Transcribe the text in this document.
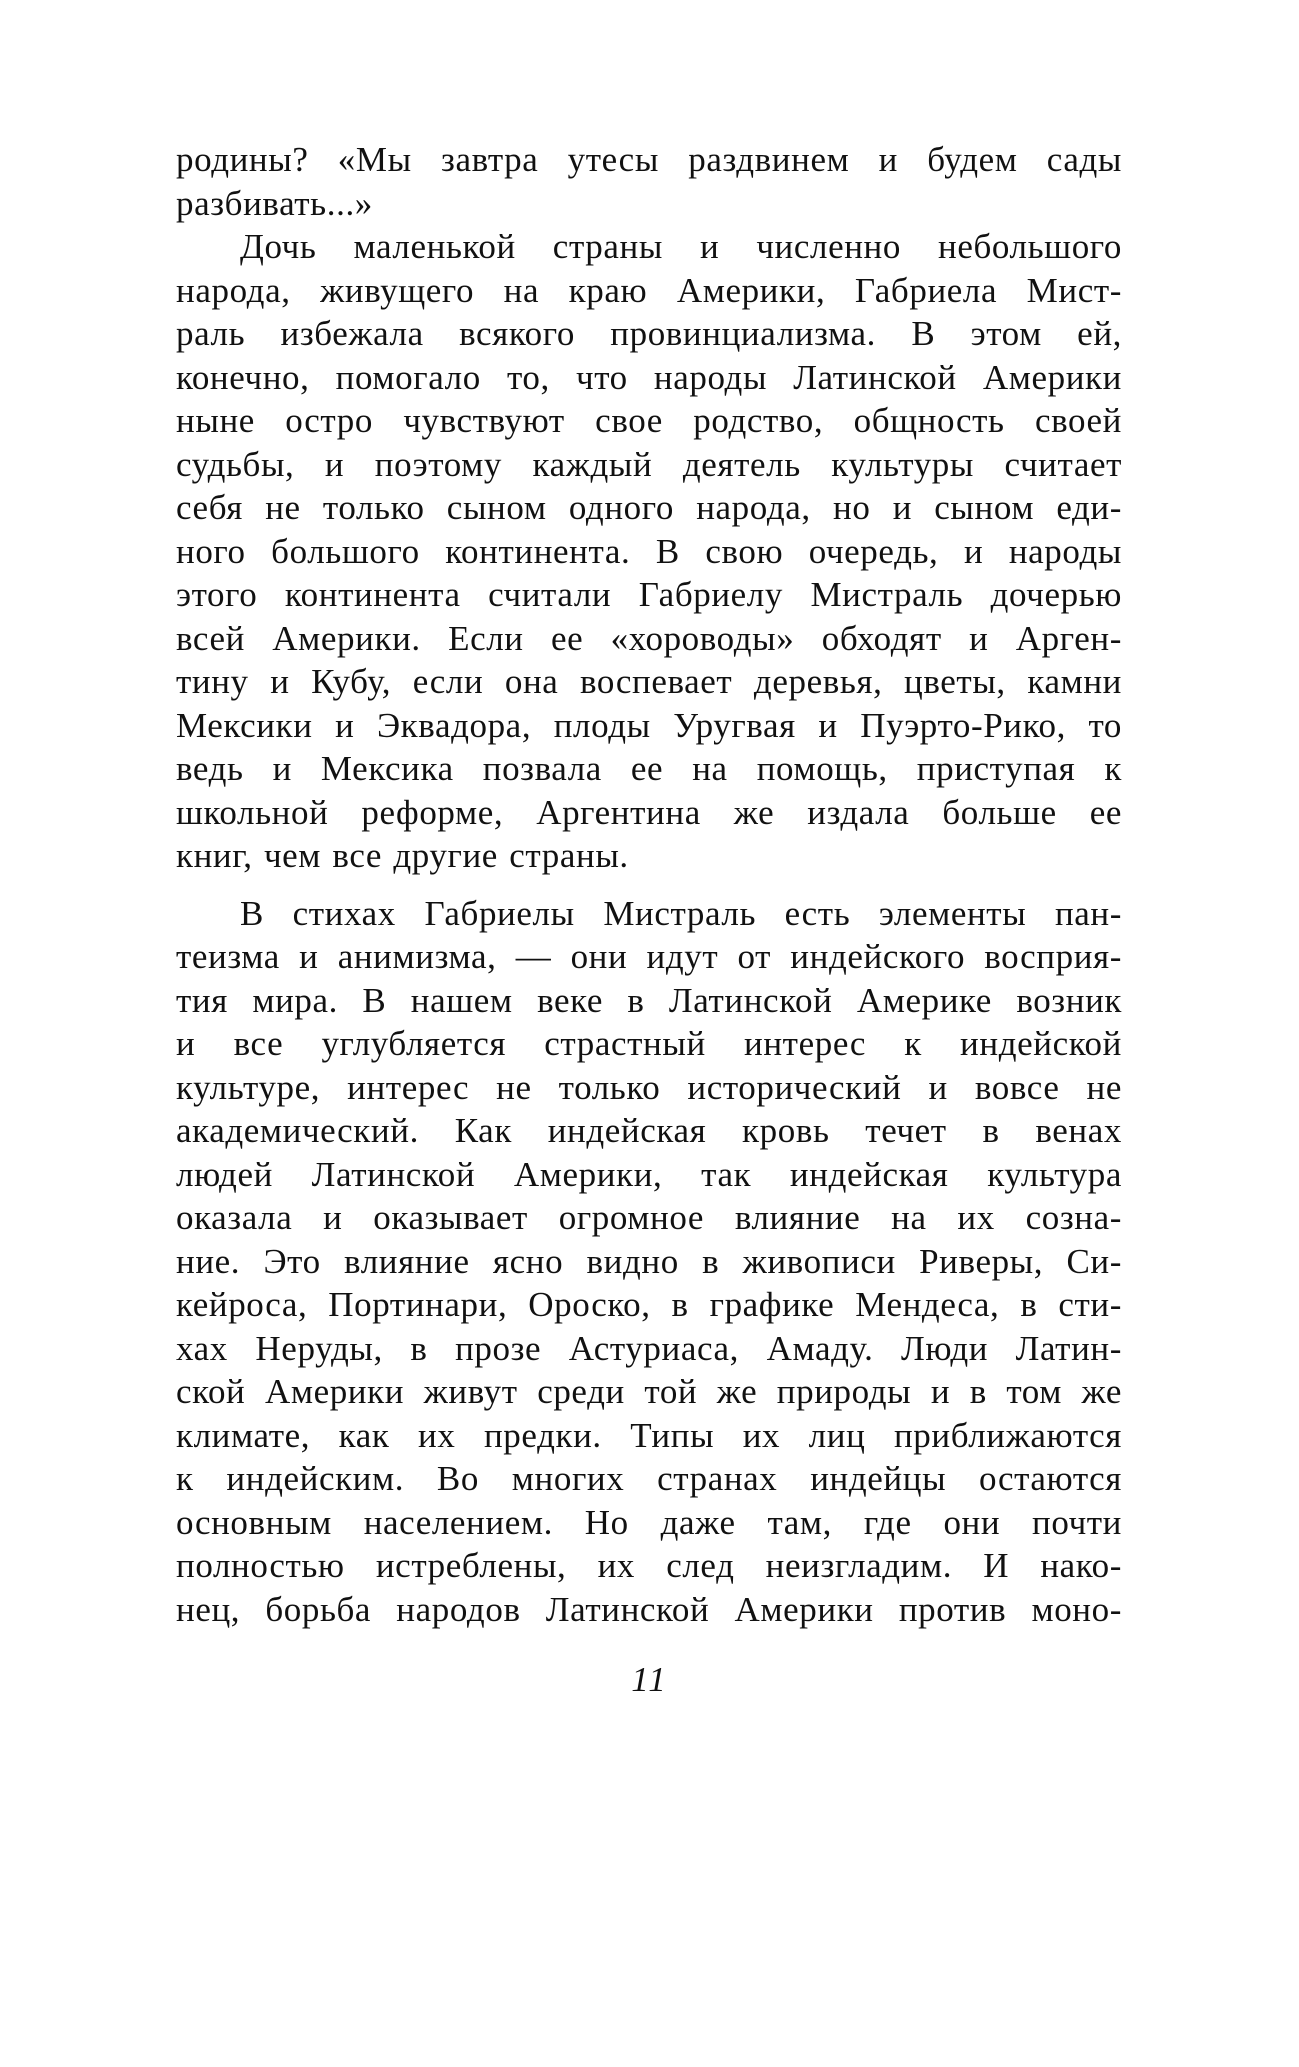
родины? «Мы завтра утесы раздвинем и будем сады
разбивать...»
Дочь маленькой страны и численно небольшого
народа, живущего на краю Америки, Габриела Мист-
раль избежала всякого провинциализма. В этом ей,
конечно, помогало то, что народы Латинской Америки
ныне остро чувствуют свое родство, общность своей
судьбы, и поэтому каждый деятель культуры считает
себя не только сыном одного народа, но и сыном еди-
ного большого континента. В свою очередь, и народы
этого континента считали Габриелу Мистраль дочерью
всей Америки. Если ее «хороводы» обходят и Арген-
тину и Кубу, если она воспевает деревья, цветы, камни
Мексики и Эквадора, плоды Уругвая и Пуэрто-Рико, то
ведь и Мексика позвала ее на помощь, приступая к
школьной реформе, Аргентина же издала больше ее
книг, чем все другие страны.
В стихах Габриелы Мистраль есть элементы пан-
теизма и анимизма, — они идут от индейского восприя-
тия мира. В нашем веке в Латинской Америке возник
и все углубляется страстный интерес к индейской
культуре, интерес не только исторический и вовсе не
академический. Как индейская кровь течет в венах
людей Латинской Америки, так индейская культура
оказала и оказывает огромное влияние на их созна-
ние. Это влияние ясно видно в живописи Риверы, Си-
кейроса, Портинари, Ороско, в графике Мендеса, в сти-
хах Неруды, в прозе Астуриаса, Амаду. Люди Латин-
ской Америки живут среди той же природы и в том же
климате, как их предки. Типы их лиц приближаются
к индейским. Во многих странах индейцы остаются
основным населением. Но даже там, где они почти
полностью истреблены, их след неизгладим. И нако-
нец, борьба народов Латинской Америки против моно-
11
